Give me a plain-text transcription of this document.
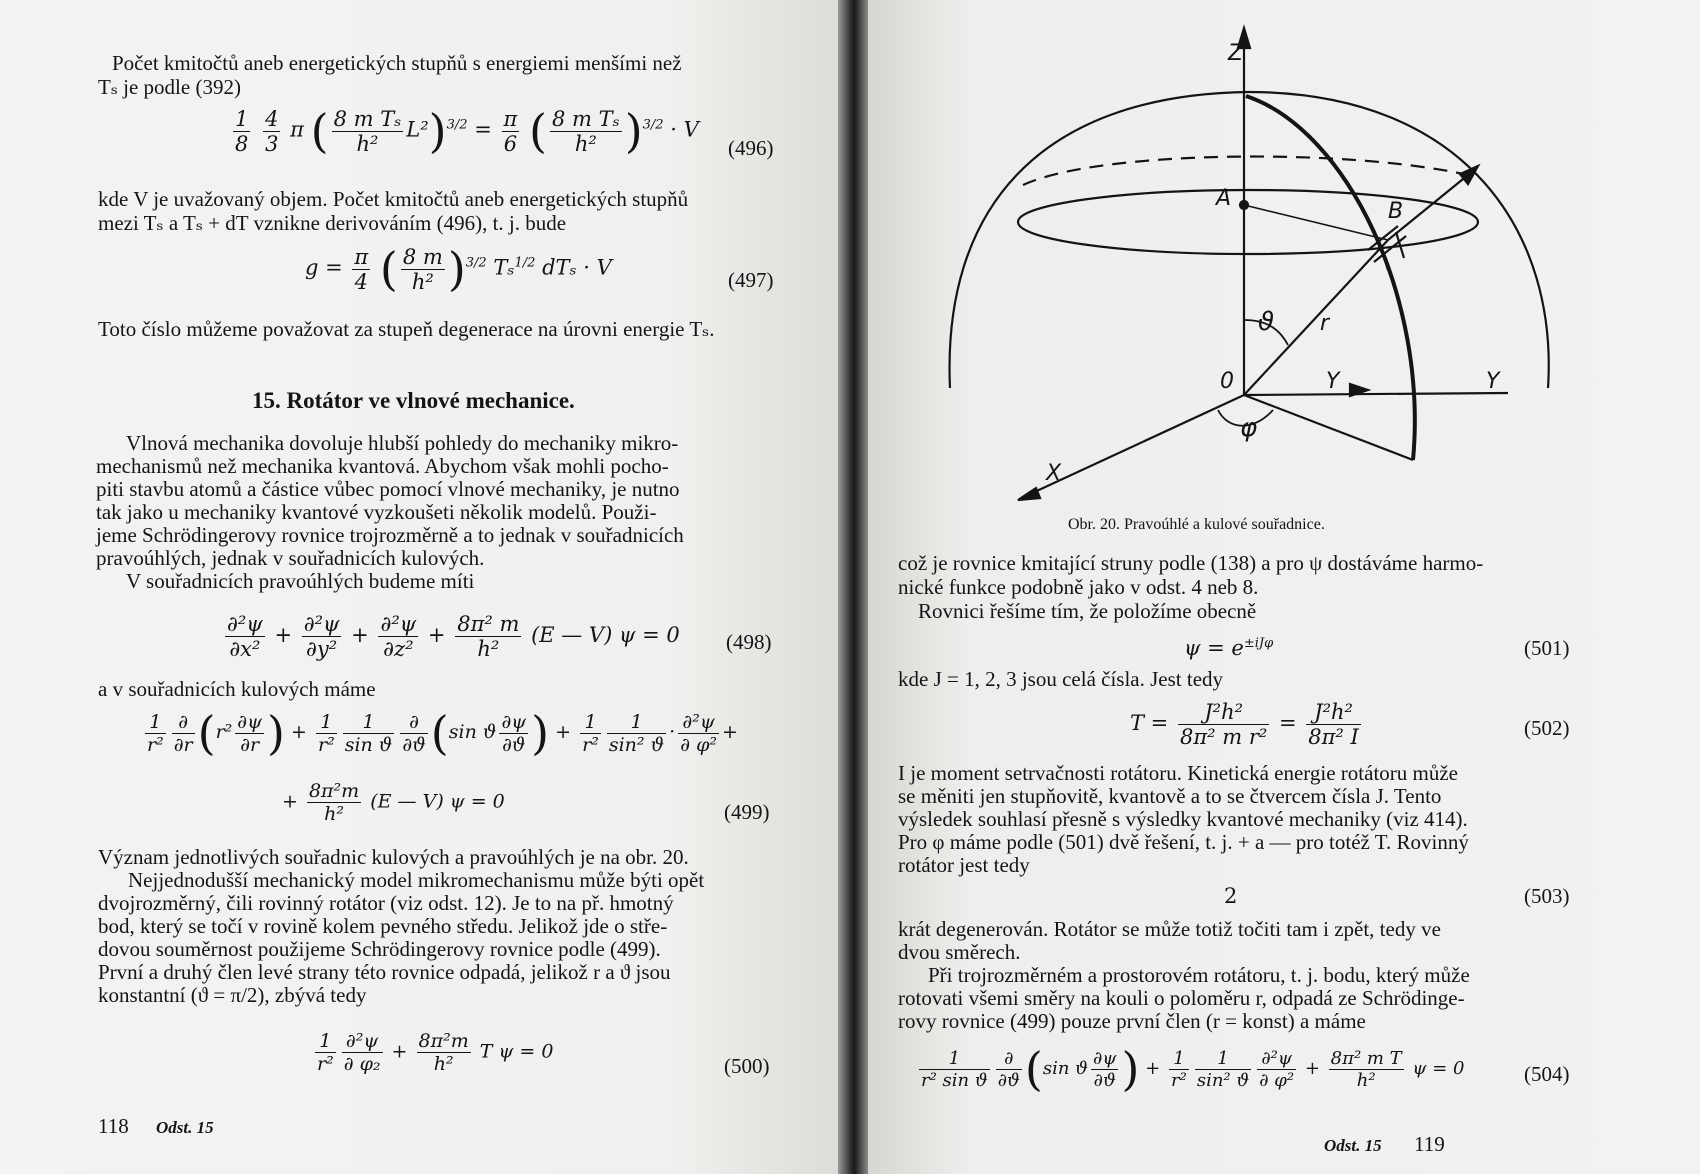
Počet kmitočtů aneb energetických stupňů s energiemi menšími než
Tₛ je podle (392)
$\frac{1}{8}$
$\frac{4}{3}$ π ( $\frac{\text{8 m Tₛ}}{\text{h²}} L^2)^{3/2} = \frac{\pi}{6}$ ( $\frac{\text{8 m Tₛ}}{\text{h²}} )^{3/2} \cdot V$
(496)
kde V je uvažovaný objem. Počet kmitočtů aneb energetických stupňů
mezi Tₛ a Tₛ + dT vznikne derivováním (496), t. j. bude
$g = \frac{\pi}{4}$ ( $\frac{8 m}{\text{h²}} )^{3/2}$ Tₛ$^{1/2}$ dTₛ · V
(497)
Toto číslo můžeme považovat za stupeň degenerace na úrovni energie Tₛ.
15. Rotátor ve vlnové mechanice.
Vlnová mechanika dovoluje hlubší pohledy do mechaniky mikro-
mechanismů než mechanika kvantová. Abychom však mohli pocho-
piti stavbu atomů a částice vůbec pomocí vlnové mechaniky, je nutno
tak jako u mechaniky kvantové vyzkoušeti několik modelů. Použi-
jeme Schrödingerovy rovnice trojrozměrně a to jednak v souřadnicích
pravoúhlých, jednak v souřadnicích kulových.
V souřadnicích pravoúhlých budeme míti
$\frac{\text{∂²ψ}}{\text{∂x²}} + \frac{\text{∂²ψ}}{\text{∂y²}} + \frac{\text{∂²ψ}}{\text{∂z²}} + \frac{\text{8π² m}}{\text{h²}} (E$ — V) ψ = 0 (498)
a v souřadnicích kulových máme
$\frac{1}{\text{r²}} \frac{\partial}{\partial r} (r^2 \frac{\partial\psi}{\partial r}$ ) + $\frac{1}{\text{r²}} \frac{1}{\text{sin ϑ}} \frac{\partial}{\partial ϑ} (\sin$ ϑ $\frac{\partial\psi}{\partial ϑ}$ ) + $\frac{1}{\text{r²}} \frac{1}{\text{sin² ϑ}} \cdot \frac{\text{∂²ψ}}{\text{∂ φ²}}$ +
+ $\frac{\text{8π²m}}{\text{h²}} (E$ — V) ψ = 0	(499)
Význam jednotlivých souřadnic kulových a pravoúhlých je na obr. 20.
Nejjednodušší mechanický model mikromechanismu může býti opět
dvojrozměrný, čili rovinný rotátor (viz odst. 12). Je to na př. hmotný
bod, který se točí v rovině kolem pevného středu. Jelikož jde o stře-
dovou souměrnost použijeme Schrödingerovy rovnice podle (499).
První a druhý člen levé strany této rovnice odpadá, jelikož r a ϑ jsou
konstantní (ϑ = π/2), zbývá tedy
$\frac{1}{\text{r²}} \frac{\text{∂²ψ}}{\text{∂ φ₂}} + \frac{\text{8π²m}}{\text{h²}}$ T ψ = 0
(500)
118 Odst. 15
Z
A
B
ϑ r
0	Y	Y
φ
X
Obr. 20. Pravoúhlé a kulové souřadnice.
což je rovnice kmitající struny podle (138) a pro ψ dostáváme harmo-
nické funkce podobně jako v odst. 4 neb 8.
Rovnici řešíme tím, že položíme obecně
$\psi = e^{\pm iJ\varphi}$	(501)
kde J = 1, 2, 3 jsou celá čísla. Jest tedy
$T = \frac{\text{J²h²}}{\text{8π² m r²}} = \frac{\text{J²h²}}{\text{8π² I}}$	(502)
I je moment setrvačnosti rotátoru. Kinetická energie rotátoru může
se měniti jen stupňovitě, kvantově a to se čtvercem čísla J. Tento
výsledek souhlasí přesně s výsledky kvantové mechaniky (viz 414).
Pro φ máme podle (501) dvě řešení, t. j. + a — pro totéž T. Rovinný
rotátor jest tedy
2	(503)
krát degenerován. Rotátor se může totiž točiti tam i zpět, tedy ve
dvou směrech.
Při trojrozměrném a prostorovém rotátoru, t. j. bodu, který může
rotovati všemi směry na kouli o poloměru r, odpadá ze Schrödinge-
rovy rovnice (499) pouze první člen (r = konst) a máme
$\frac{1}{\text{r² sin ϑ}} \frac{\partial}{\partial ϑ} (\sin$ ϑ $\frac{\partial\psi}{\partial ϑ}$ ) + $\frac{1}{\text{r²}} \frac{1}{\text{sin² ϑ}} \frac{\text{∂²ψ}}{\text{∂ φ²}} + \frac{\text{8π² m T}}{\text{h²}}$ ψ = 0	(504)
Odst. 15 119
